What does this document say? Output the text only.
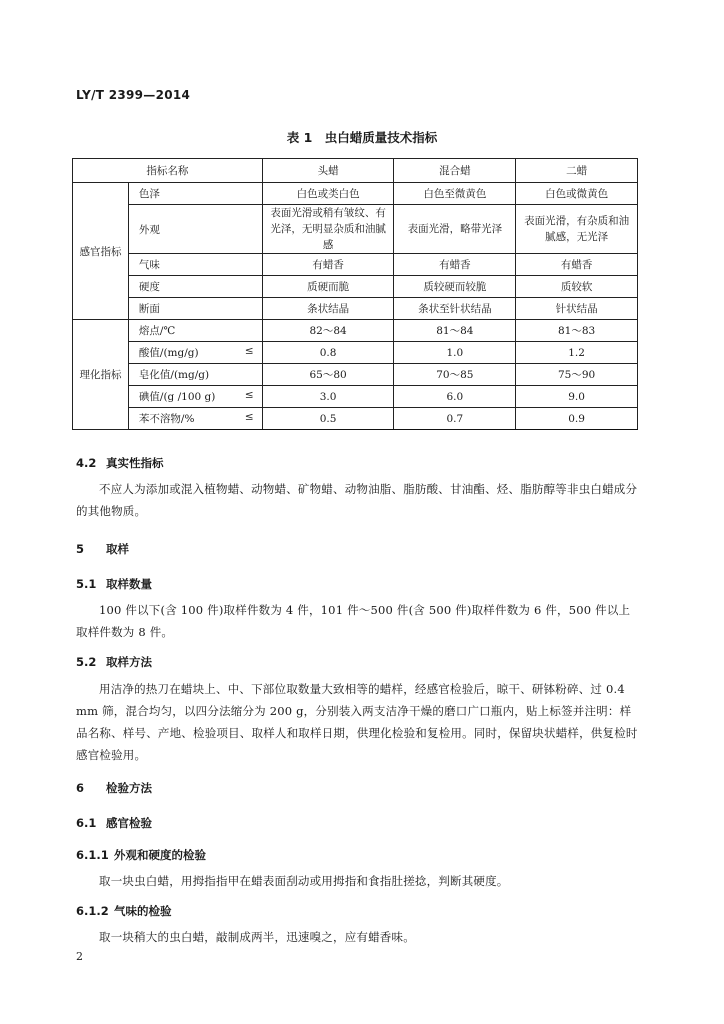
LY/T 2399—2014
表 1　虫白蜡质量技术指标
指标名称		头蜡	混合蜡	二蜡
感官指标	色泽	白色或类白色	白色至微黄色	白色或微黄色
	外观	表面光滑或稍有皱纹、有光泽，无明显杂质和油腻感	表面光滑，略带光泽	表面光滑，有杂质和油腻感，无光泽
	气味	有蜡香	有蜡香	有蜡香
	硬度	质硬而脆	质较硬而较脆	质较软
	断面	条状结晶	条状至针状结晶	针状结晶
理化指标	熔点/℃	82～84	81～84	81～83
	酸值/(mg/g) ≤	0.8	1.0	1.2
	皂化值/(mg/g)	65～80	70～85	75～90
	碘值/(g /100 g) ≤	3.0	6.0	9.0
	苯不溶物/% ≤	0.5	0.7	0.9
4.2 真实性指标
不应人为添加或混入植物蜡、动物蜡、矿物蜡、动物油脂、脂肪酸、甘油酯、烃、脂肪醇等非虫白蜡成分的其他物质。
5 取样
5.1 取样数量
100 件以下(含 100 件)取样件数为 4 件，101 件～500 件(含 500 件)取样件数为 6 件，500 件以上取样件数为 8 件。
5.2 取样方法
用洁净的热刀在蜡块上、中、下部位取数量大致相等的蜡样，经感官检验后，晾干、研钵粉碎、过 0.4 mm 筛，混合均匀，以四分法缩分为 200 g，分别装入两支洁净干燥的磨口广口瓶内，贴上标签并注明：样品名称、样号、产地、检验项目、取样人和取样日期，供理化检验和复检用。同时，保留块状蜡样，供复检时感官检验用。
6 检验方法
6.1 感官检验
6.1.1 外观和硬度的检验
取一块虫白蜡，用拇指指甲在蜡表面刮动或用拇指和食指肚搓捻，判断其硬度。
6.1.2 气味的检验
取一块稍大的虫白蜡，敲制成两半，迅速嗅之，应有蜡香味。
2
